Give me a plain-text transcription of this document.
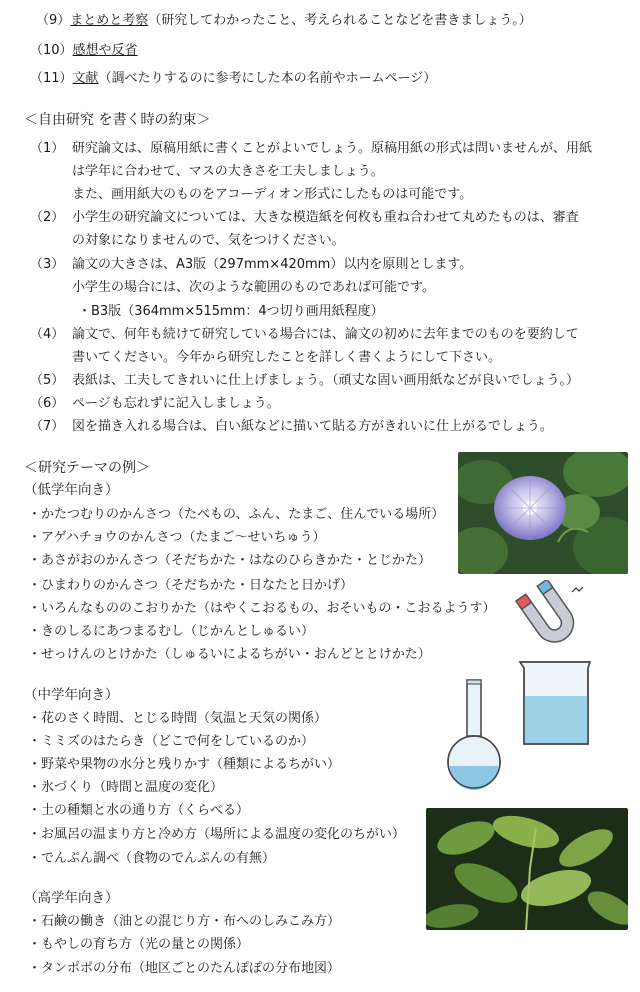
（9）まとめと考察（研究してわかったこと、考えられることなどを書きましょう。）
（10）感想や反省
（11）文献（調べたりするのに参考にした本の名前やホームページ）
＜自由研究 を書く時の約束＞
（1） 研究論文は、原稿用紙に書くことがよいでしょう。原稿用紙の形式は問いませんが、用紙
は学年に合わせて、マスの大きさを工夫しましょう。
また、画用紙大のものをアコーディオン形式にしたものは可能です。
（2） 小学生の研究論文については、大きな模造紙を何枚も重ね合わせて丸めたものは、審査
の対象になりませんので、気をつけください。
（3） 論文の大きさは、A3版（297mm×420mm）以内を原則とします。
小学生の場合には、次のような範囲のものであれば可能です。
・B3版（364mm×515mm：4つ切り画用紙程度）
（4） 論文で、何年も続けて研究している場合には、論文の初めに去年までのものを要約して
書いてください。今年から研究したことを詳しく書くようにして下さい。
（5） 表紙は、工夫してきれいに仕上げましょう。（頑丈な固い画用紙などが良いでしょう。）
（6） ページも忘れずに記入しましょう。
（7） 図を描き入れる場合は、白い紙などに描いて貼る方がきれいに仕上がるでしょう。
＜研究テーマの例＞
（低学年向き）
・かたつむりのかんさつ（たべもの、ふん、たまご、住んでいる場所）
・アゲハチョウのかんさつ（たまご～せいちゅう）
・あさがおのかんさつ（そだちかた・はなのひらきかた・とじかた）
・ひまわりのかんさつ（そだちかた・日なたと日かげ）
・いろんなもののこおりかた（はやくこおるもの、おそいもの・こおるようす）
・きのしるにあつまるむし（じかんとしゅるい）
・せっけんのとけかた（しゅるいによるちがい・おんどととけかた）
（中学年向き）
・花のさく時間、とじる時間（気温と天気の関係）
・ミミズのはたらき（どこで何をしているのか）
・野菜や果物の水分と残りかす（種類によるちがい）
・氷づくり（時間と温度の変化）
・土の種類と水の通り方（くらべる）
・お風呂の温まり方と冷め方（場所による温度の変化のちがい）
・でんぷん調べ（食物のでんぷんの有無）
（高学年向き）
・石鹸の働き（油との混じり方・布へのしみこみ方）
・もやしの育ち方（光の量との関係）
・タンポポの分布（地区ごとのたんぽぽの分布地図）
